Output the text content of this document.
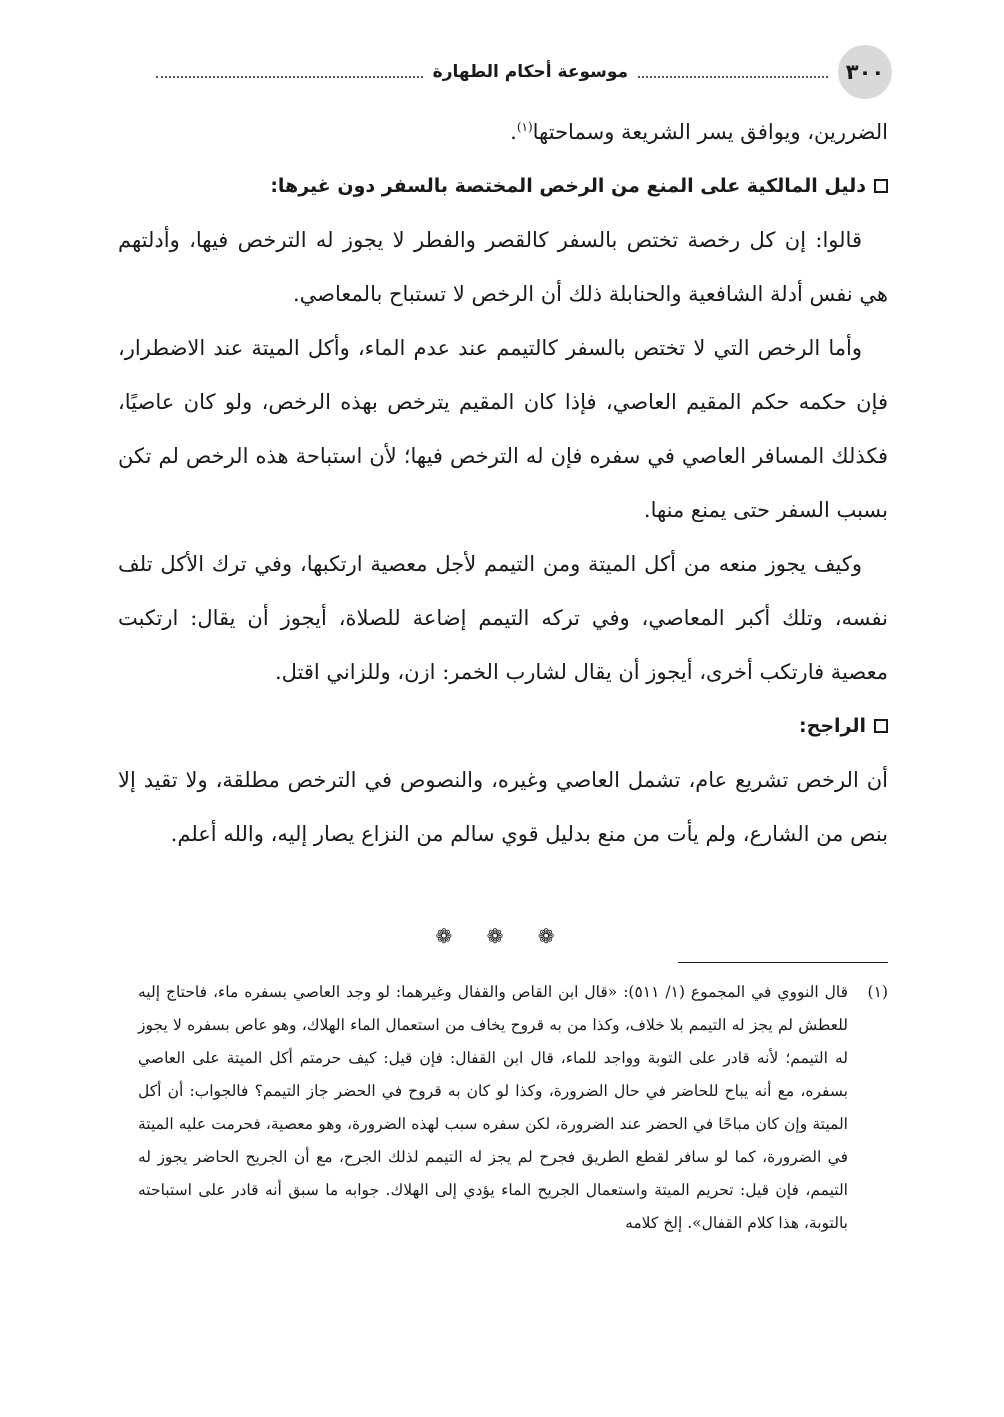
٣٠٠
موسوعة أحكام الطهارة

الضررين، ويوافق يسر الشريعة وسماحتها$^{(١)}$.

دليل المالكية على المنع من الرخص المختصة بالسفر دون غيرها:

قالوا: إن كل رخصة تختص بالسفر كالقصر والفطر لا يجوز له الترخص فيها، وأدلتهم هي نفس أدلة الشافعية والحنابلة ذلك أن الرخص لا تستباح بالمعاصي.

وأما الرخص التي لا تختص بالسفر كالتيمم عند عدم الماء، وأكل الميتة عند الاضطرار، فإن حكمه حكم المقيم العاصي، فإذا كان المقيم يترخص بهذه الرخص، ولو كان عاصيًا، فكذلك المسافر العاصي في سفره فإن له الترخص فيها؛ لأن استباحة هذه الرخص لم تكن بسبب السفر حتى يمنع منها.

وكيف يجوز منعه من أكل الميتة ومن التيمم لأجل معصية ارتكبها، وفي ترك الأكل تلف نفسه، وتلك أكبر المعاصي، وفي تركه التيمم إضاعة للصلاة، أيجوز أن يقال: ارتكبت معصية فارتكب أخرى، أيجوز أن يقال لشارب الخمر: ازن، وللزاني اقتل.

الراجح:

أن الرخص تشريع عام، تشمل العاصي وغيره، والنصوص في الترخص مطلقة، ولا تقيد إلا بنص من الشارع، ولم يأت من منع بدليل قوي سالم من النزاع يصار إليه، والله أعلم.

❁ ❁ ❁
(١)
قال النووي في المجموع (١/ ٥١١): «قال ابن القاص والقفال وغيرهما: لو وجد العاصي بسفره ماء، فاحتاج إليه للعطش لم يجز له التيمم بلا خلاف، وكذا من به قروح يخاف من استعمال الماء الهلاك، وهو عاص بسفره لا يجوز له التيمم؛ لأنه قادر على التوبة وواجد للماء، قال ابن القفال: فإن قيل: كيف حرمتم أكل الميتة على العاصي بسفره، مع أنه يباح للحاضر في حال الضرورة، وكذا لو كان به قروح في الحضر جاز التيمم؟ فالجواب: أن أكل الميتة وإن كان مباحًا في الحضر عند الضرورة، لكن سفره سبب لهذه الضرورة، وهو معصية، فحرمت عليه الميتة في الضرورة، كما لو سافر لقطع الطريق فجرح لم يجز له التيمم لذلك الجرح، مع أن الجريح الحاضر يجوز له التيمم، فإن قيل: تحريم الميتة واستعمال الجريح الماء يؤدي إلى الهلاك. جوابه ما سبق أنه قادر على استباحته بالتوبة، هذا كلام القفال». إلخ كلامه
